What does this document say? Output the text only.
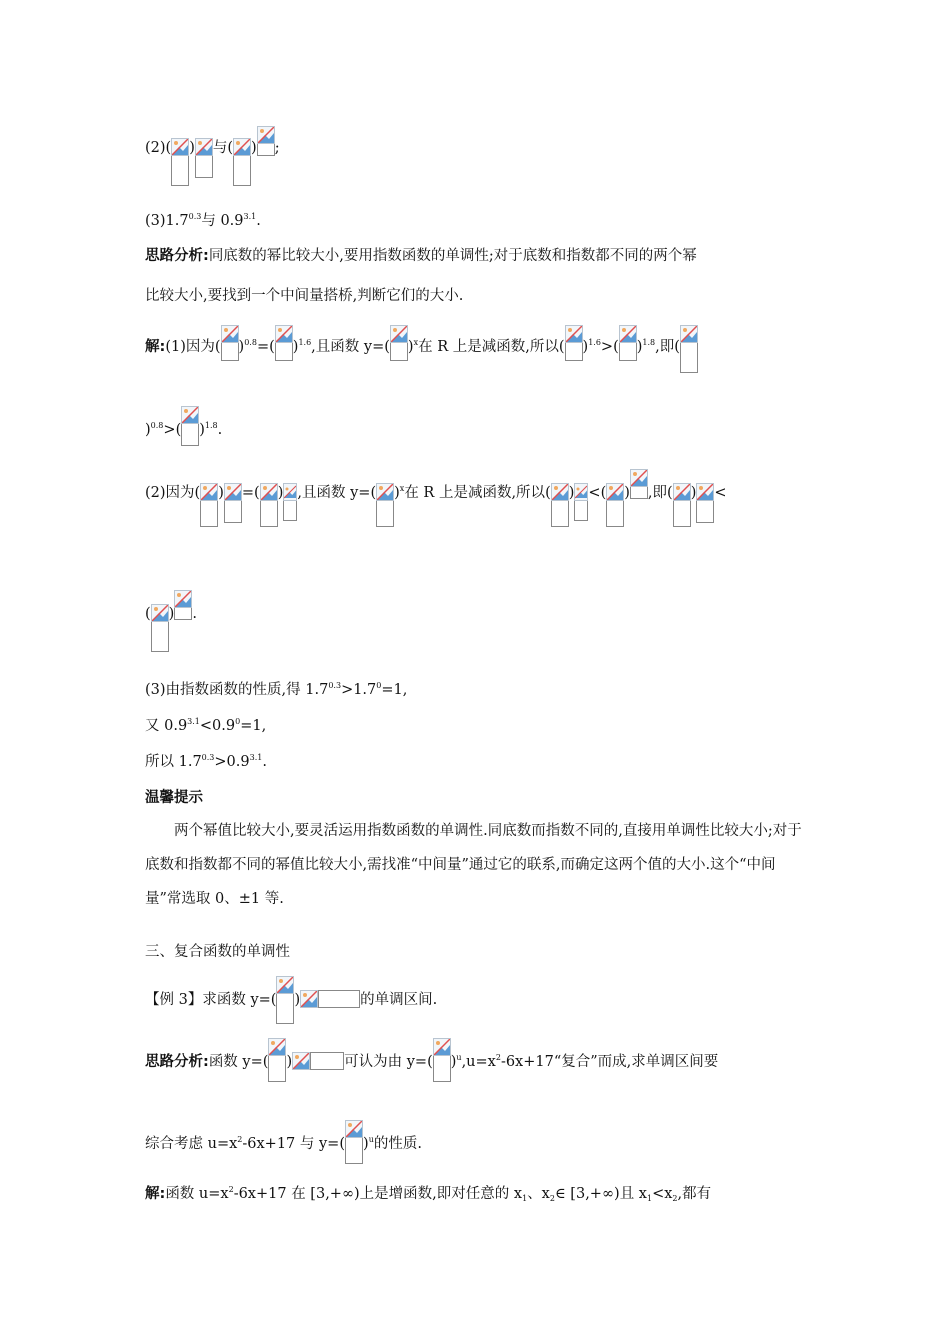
(2)( ) 与( ) ;
$(3)1.7^{0.3}$与 $0.9^{3.1}$.
思路分析:同底数的幂比较大小,要用指数函数的单调性;对于底数和指数都不同的两个幂
比较大小,要找到一个中间量搭桥,判断它们的大小.
解:(1)因为( )$^{0.8}$=( )$^{1.6}$,且函数 y=( )$^x$在 R 上是减函数,所以( )$^{1.6}$>( )$^{1.8}$,即(
)$^{0.8}$>( )$^{1.8}$.
(2)因为( ) =( ) ,且函数 y=( )$^x$在 R 上是减函数,所以( ) <( ) ,即( ) <
( ) .
(3)由指数函数的性质,得 $1.7^{0.3}>1.7^0=1$,
又 $0.9^{3.1}<0.9^0=1$,
所以 $1.7^{0.3}>0.9^{3.1}$.
温馨提示
两个幂值比较大小,要灵活运用指数函数的单调性.同底数而指数不同的,直接用单调性比较大小;对于底数和指数都不同的幂值比较大小,需找准“中间量”通过它的联系,而确定这两个值的大小.这个“中间量”常选取 0、±1 等.
三、复合函数的单调性
【例 3】求函数 y=( )	的单调区间.
思路分析:函数 y=( )	可认为由 y=( )$^u,u=x^2-6x+17“$复合”而成,求单调区间要
综合考虑 $u=x^2-6x+17$ 与 y=( )$^u$的性质.
解:函数 $u=x^2-6x+17$ 在 [3,+∞)上是增函数,即对任意的 $x_1$、$x_2\in$ [3,+∞)且 $x_1<x_2$,都有
